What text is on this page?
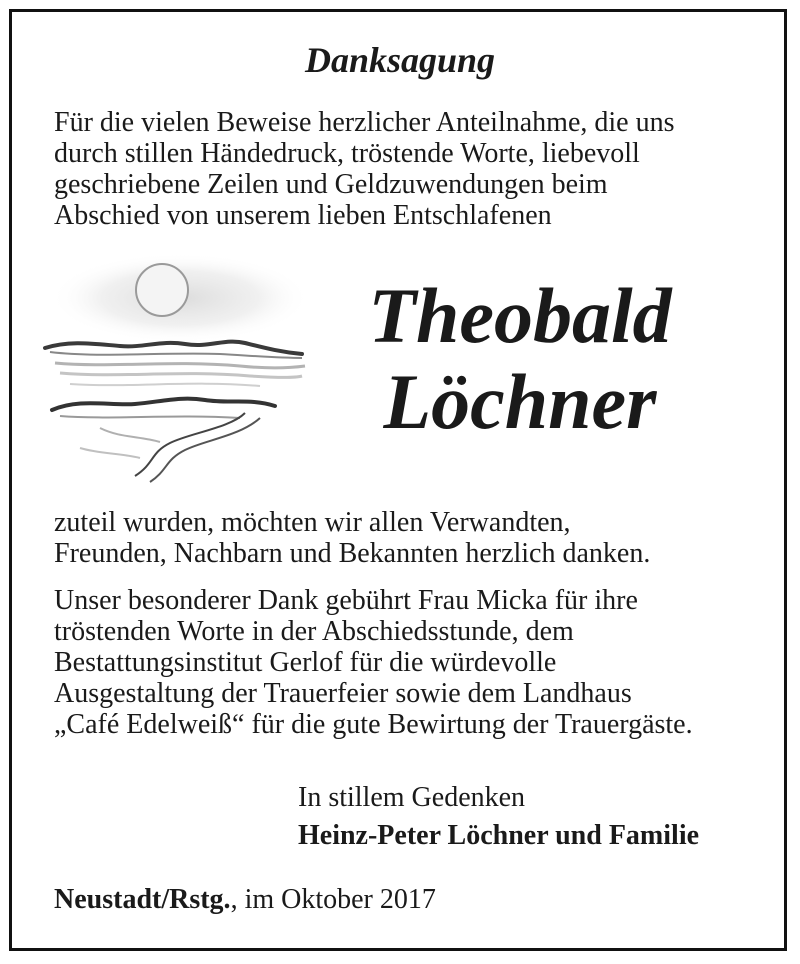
Danksagung

Für die vielen Beweise herzlicher Anteilnahme, die uns
durch stillen Händedruck, tröstende Worte, liebevoll
geschriebene Zeilen und Geldzuwendungen beim
Abschied von unserem lieben Entschlafenen

Theobald
Löchner

zuteil wurden, möchten wir allen Verwandten,
Freunden, Nachbarn und Bekannten herzlich danken.

Unser besonderer Dank gebührt Frau Micka für ihre
tröstenden Worte in der Abschiedsstunde, dem
Bestattungsinstitut Gerlof für die würdevolle
Ausgestaltung der Trauerfeier sowie dem Landhaus
„Café Edelweiß“ für die gute Bewirtung der Trauergäste.

In stillem Gedenken
Heinz-Peter Löchner und Familie
Neustadt/Rstg., im Oktober 2017
